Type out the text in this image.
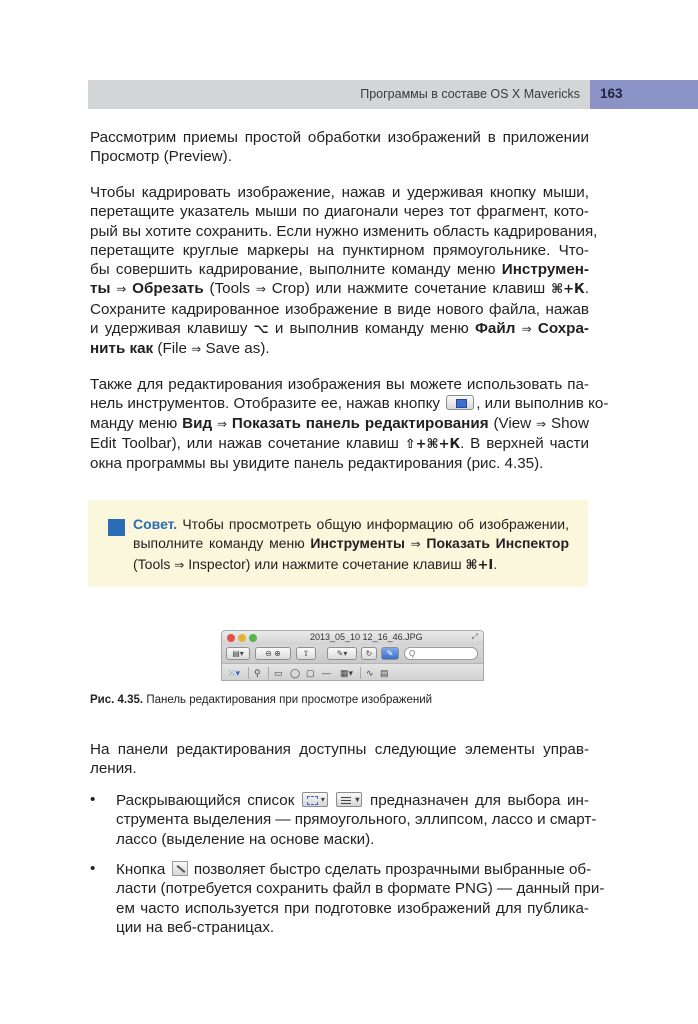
Программы в составе OS X Mavericks 163
Рассмотрим приемы простой обработки изображений в приложении
Просмотр (Preview).
Чтобы кадрировать изображение, нажав и удерживая кнопку мыши,
перетащите указатель мыши по диагонали через тот фрагмент, кото-
рый вы хотите сохранить. Если нужно изменить область кадрирования,
перетащите круглые маркеры на пунктирном прямоугольнике. Что-
бы совершить кадрирование, выполните команду меню Инструмен-
ты ⇒ Обрезать (Tools ⇒ Crop) или нажмите сочетание клавиш ⌘+К.
Сохраните кадрированное изображение в виде нового файла, нажав
и удерживая клавишу ⌥ и выполнив команду меню Файл ⇒ Сохра-
нить как (File ⇒ Save as).
Также для редактирования изображения вы можете использовать па-
нель инструментов. Отобразите ее, нажав кнопку , или выполнив ко-
манду меню Вид ⇒ Показать панель редактирования (View ⇒ Show
Edit Toolbar), или нажав сочетание клавиш ⇧+⌘+К. В верхней части
окна программы вы увидите панель редактирования (рис. 4.35).
Совет. Чтобы просмотреть общую информацию об изображении,
выполните команду меню Инструменты ⇒ Показать Инспектор
(Tools ⇒ Inspector) или нажмите сочетание клавиш ⌘+I.
2013_05_10 12_16_46.JPG	⤢
▤▾	⊖ ⊕	⇧	✎▾	↻	✎	Q
⁙▾ ⚲ ▭ ◯ ▢ — ▦▾ ∿ ▤
Рис. 4.35. Панель редактирования при просмотре изображений
На панели редактирования доступны следующие элементы управ-
ления.
• Раскрывающийся список ▾ ▾	предназначен для выбора ин-
струмента выделения — прямоугольного, эллипсом, лассо и смарт-
лассо (выделение на основе маски).
• Кнопка позволяет быстро сделать прозрачными выбранные об-
ласти (потребуется сохранить файл в формате PNG) — данный при-
ем часто используется при подготовке изображений для публика-
ции на веб-страницах.
